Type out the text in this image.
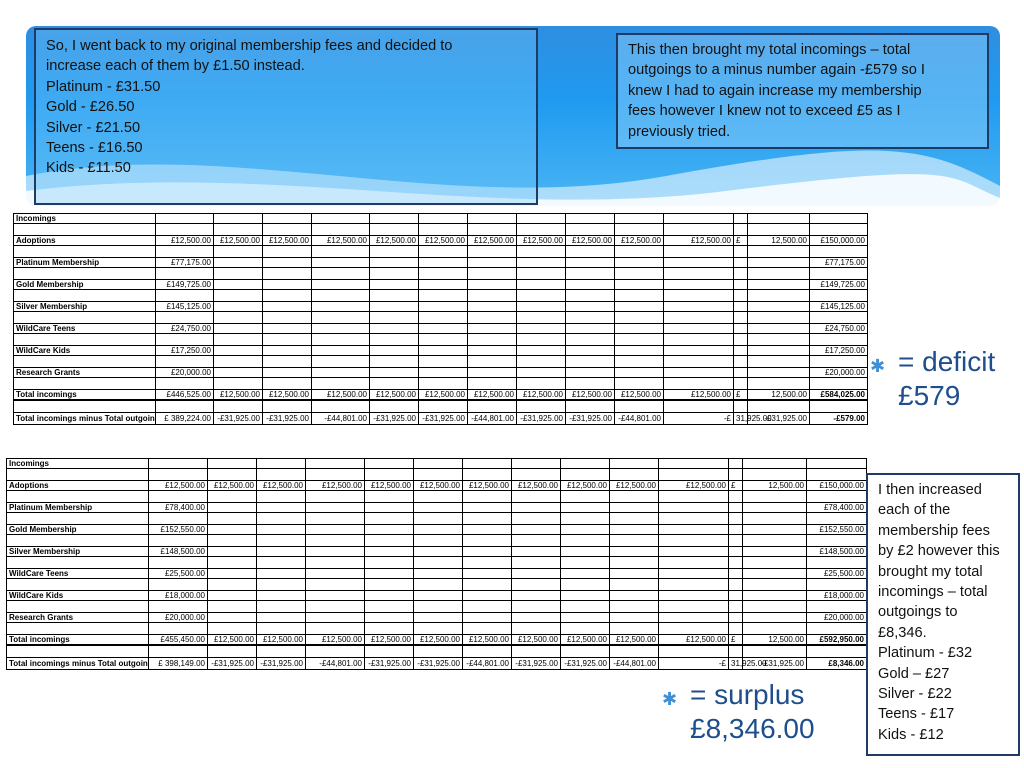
So, I went back to my original membership fees and decided to
increase each of them by £1.50 instead.
Platinum - £31.50
Gold - £26.50
Silver - £21.50
Teens - £16.50
Kids - £11.50
This then brought my total incomings – total
outgoings to a minus number again -£579 so I
knew I had to again increase my membership
fees however I knew not to exceed £5 as I
previously tried.
Incomings														

Adoptions	£12,500.00	£12,500.00	£12,500.00	£12,500.00	£12,500.00	£12,500.00	£12,500.00	£12,500.00	£12,500.00	£12,500.00	£12,500.00	£	12,500.00	£150,000.00

Platinum Membership	£77,175.00													£77,175.00

Gold Membership	£149,725.00													£149,725.00

Silver Membership	£145,125.00													£145,125.00

WildCare Teens	£24,750.00													£24,750.00

WildCare Kids	£17,250.00													£17,250.00

Research Grants	£20,000.00													£20,000.00

Total incomings	£446,525.00	£12,500.00	£12,500.00	£12,500.00	£12,500.00	£12,500.00	£12,500.00	£12,500.00	£12,500.00	£12,500.00	£12,500.00	£	12,500.00	£584,025.00

Total incomings minus Total outgoin	£ 389,224.00	-£31,925.00	-£31,925.00	-£44,801.00	-£31,925.00	-£31,925.00	-£44,801.00	-£31,925.00	-£31,925.00	-£44,801.00	-£	31,925.00	-£31,925.00	-£579.00
Incomings														

Adoptions	£12,500.00	£12,500.00	£12,500.00	£12,500.00	£12,500.00	£12,500.00	£12,500.00	£12,500.00	£12,500.00	£12,500.00	£12,500.00	£	12,500.00	£150,000.00

Platinum Membership	£78,400.00													£78,400.00

Gold Membership	£152,550.00													£152,550.00

Silver Membership	£148,500.00													£148,500.00

WildCare Teens	£25,500.00													£25,500.00

WildCare Kids	£18,000.00													£18,000.00

Research Grants	£20,000.00													£20,000.00

Total incomings	£455,450.00	£12,500.00	£12,500.00	£12,500.00	£12,500.00	£12,500.00	£12,500.00	£12,500.00	£12,500.00	£12,500.00	£12,500.00	£	12,500.00	£592,950.00

Total incomings minus Total outgoin	£ 398,149.00	-£31,925.00	-£31,925.00	-£44,801.00	-£31,925.00	-£31,925.00	-£44,801.00	-£31,925.00	-£31,925.00	-£44,801.00	-£	31,925.00	-£31,925.00	£8,346.00
✱ = deficit
£579
I then increased each of the membership fees by £2 however this brought my total incomings – total outgoings to £8,346.
Platinum - £32
Gold – £27
Silver - £22
Teens - £17
Kids - £12
✱ = surplus
£8,346.00
